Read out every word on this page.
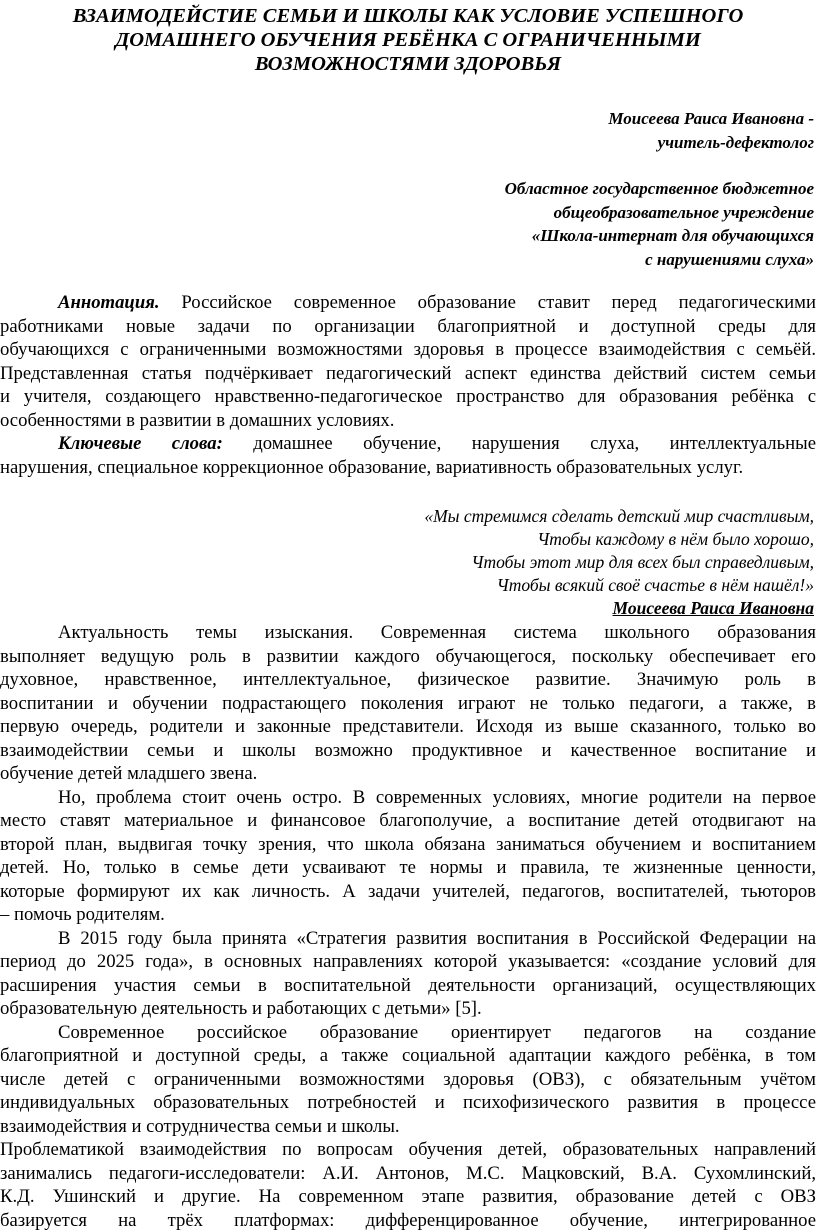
ВЗАИМОДЕЙСТИЕ СЕМЬИ И ШКОЛЫ КАК УСЛОВИЕ УСПЕШНОГО
ДОМАШНЕГО ОБУЧЕНИЯ РЕБЁНКА С ОГРАНИЧЕННЫМИ
ВОЗМОЖНОСТЯМИ ЗДОРОВЬЯ
Моисеева Раиса Ивановна -
учитель-дефектолог
Областное государственное бюджетное
общеобразовательное учреждение
«Школа-интернат для обучающихся
с нарушениями слуха»
Аннотация. Российское современное образование ставит перед педагогическими
работниками новые задачи по организации благоприятной и доступной среды для
обучающихся с ограниченными возможностями здоровья в процессе взаимодействия с семьёй.
Представленная статья подчёркивает педагогический аспект единства действий систем семьи
и учителя, создающего нравственно-педагогическое пространство для образования ребёнка с
особенностями в развитии в домашних условиях.
Ключевые слова: домашнее обучение, нарушения слуха, интеллектуальные
нарушения, специальное коррекционное образование, вариативность образовательных услуг.
«Мы стремимся сделать детский мир счастливым,
Чтобы каждому в нём было хорошо,
Чтобы этот мир для всех был справедливым,
Чтобы всякий своё счастье в нём нашёл!»
Моисеева Раиса Ивановна
Актуальность темы изыскания. Современная система школьного образования
выполняет ведущую роль в развитии каждого обучающегося, поскольку обеспечивает его
духовное, нравственное, интеллектуальное, физическое развитие. Значимую роль в
воспитании и обучении подрастающего поколения играют не только педагоги, а также, в
первую очередь, родители и законные представители. Исходя из выше сказанного, только во
взаимодействии семьи и школы возможно продуктивное и качественное воспитание и
обучение детей младшего звена.
Но, проблема стоит очень остро. В современных условиях, многие родители на первое
место ставят материальное и финансовое благополучие, а воспитание детей отодвигают на
второй план, выдвигая точку зрения, что школа обязана заниматься обучением и воспитанием
детей. Но, только в семье дети усваивают те нормы и правила, те жизненные ценности,
которые формируют их как личность. А задачи учителей, педагогов, воспитателей, тьюторов
– помочь родителям.
В 2015 году была принята «Стратегия развития воспитания в Российской Федерации на
период до 2025 года», в основных направлениях которой указывается: «создание условий для
расширения участия семьи в воспитательной деятельности организаций, осуществляющих
образовательную деятельность и работающих с детьми» [5].
Современное российское образование ориентирует педагогов на создание
благоприятной и доступной среды, а также социальной адаптации каждого ребёнка, в том
числе детей с ограниченными возможностями здоровья (ОВЗ), с обязательным учётом
индивидуальных образовательных потребностей и психофизического развития в процессе
взаимодействия и сотрудничества семьи и школы.
Проблематикой взаимодействия по вопросам обучения детей, образовательных направлений
занимались педагоги-исследователи: А.И. Антонов, М.С. Мацковский, В.А. Сухомлинский,
К.Д. Ушинский и другие. На современном этапе развития, образование детей с ОВЗ
базируется на трёх платформах: дифференцированное обучение, интегрированное
